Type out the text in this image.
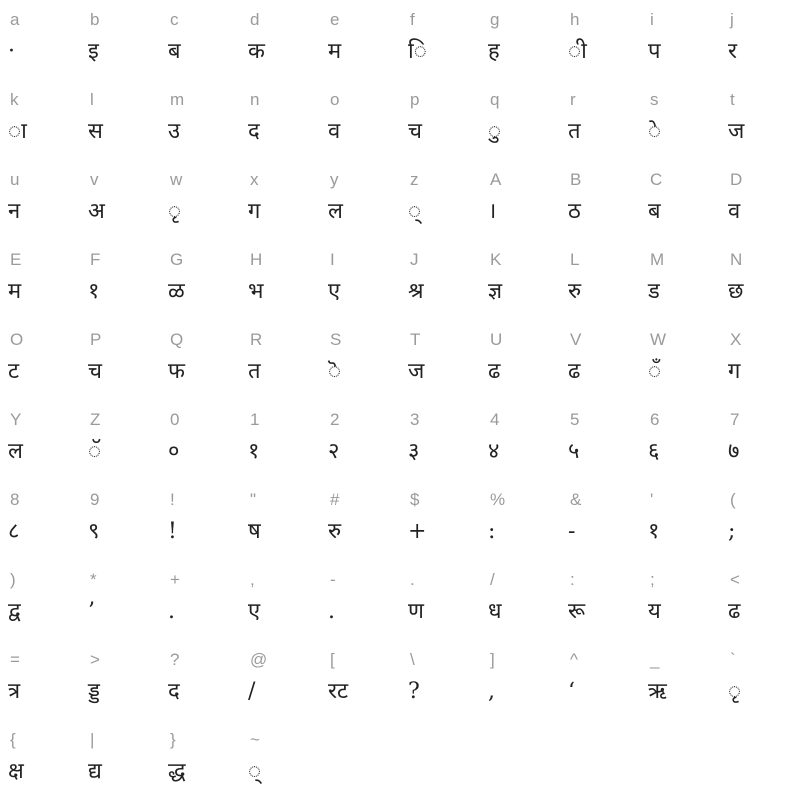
a
·
b
इ
c
ब
d
क
e
म
f
ि
g
ह
h
ी
i
प
j
र
k
ा
l
स
m
उ
n
द
o
व
p
च
q
ु
r
त
s
े
t
ज
u
न
v
अ
w
ृ
x
ग
y
ल
z
्
A
।
B
ठ
C
ब
D
व
E
म
F
१
G
ळ
H
भ
I
ए
J
श्र
K
ज्ञ
L
रु
M
ड
N
छ
O
ट
P
च
Q
फ
R
त
S
ॆ
T
ज
U
ढ
V
ढ
W
ँ
X
ग
Y
ल
Z
ॅ
0
०
1
१
2
२
3
३
4
४
5
५
6
६
7
७
8
८
9
९
!
!
"
ष
#
रु
$
+
%
:
&
-
'
१
(
;
)
द्व
*
’
+
.
,
ए
-
.
.
ण
/
ध
:
रू
;
य
<
ढ
=
त्र
>
ड्ड
?
द
@
/
[
रट
\
?
]
,
^
‘
_
ऋ
`
ृ
{
क्ष
|
द्य
}
द्ध
~
्
